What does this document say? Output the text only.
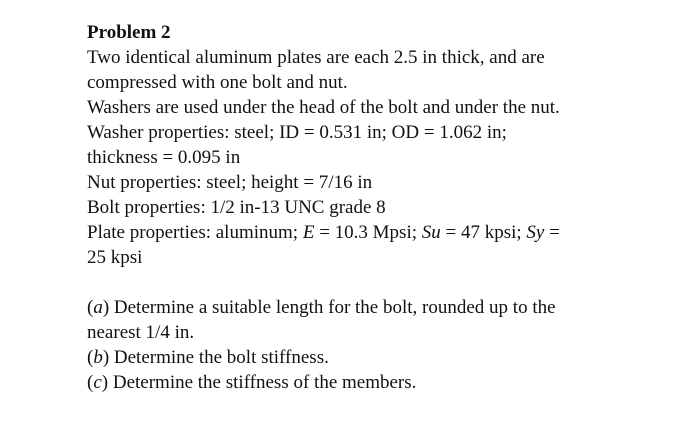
Problem 2
Two identical aluminum plates are each 2.5 in thick, and are
compressed with one bolt and nut.
Washers are used under the head of the bolt and under the nut.
Washer properties: steel; ID = 0.531 in; OD = 1.062 in;
thickness = 0.095 in
Nut properties: steel; height = 7/16 in
Bolt properties: 1/2 in-13 UNC grade 8
Plate properties: aluminum; E = 10.3 Mpsi; Su = 47 kpsi; Sy =
25 kpsi
(a) Determine a suitable length for the bolt, rounded up to the
nearest 1/4 in.
(b) Determine the bolt stiffness.
(c) Determine the stiffness of the members.
